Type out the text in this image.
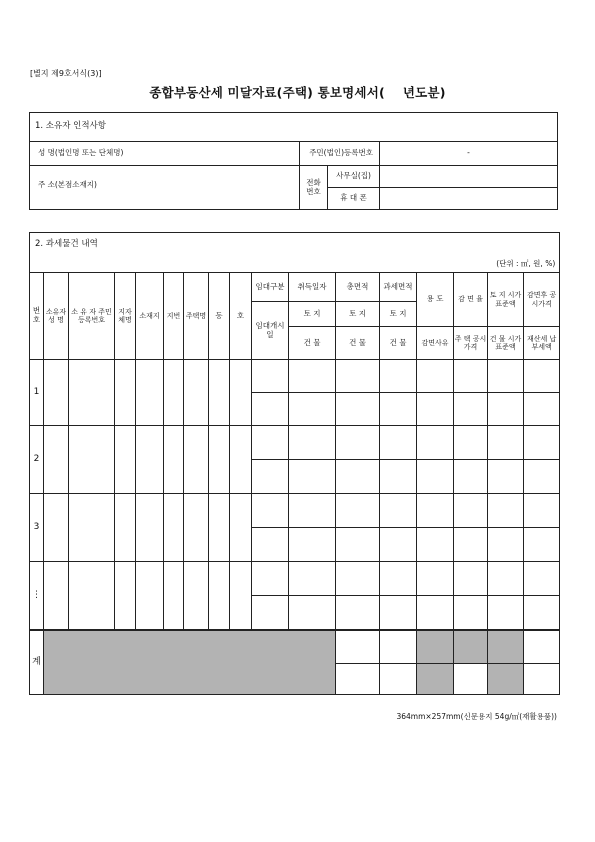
[별지 제9호서식(3)]
종합부동산세 미달자료(주택) 통보명세서( 년도분)
1. 소유자 인적사항			
성 명(법인명 또는 단체명)	주민(법인)등록번호		-
주 소(본점소재지)	전화번호	사무실(집)	
		휴 대 폰	
2. 과세물건 내역																
(단위 : ㎡, 원, %)																
번호	소유자 성 명	소 유 자 주민등록번호	지자 체명	소재지	지번	주택명	동	호	임대구분	취득일자	총면적	과세면적	용 도	감 면 율	토 지 시가표준액	감면후 공시가격
									임대개시일	토 지	토 지	토 지				
										건 물	건 물	건 물	감면사유	주 택 공시가격	건 물 시가표준액	재산세 납부세액
1																

2																

3																

⋮																

계																

364mm×257mm(신문용지 54g/㎡(재활용품))
